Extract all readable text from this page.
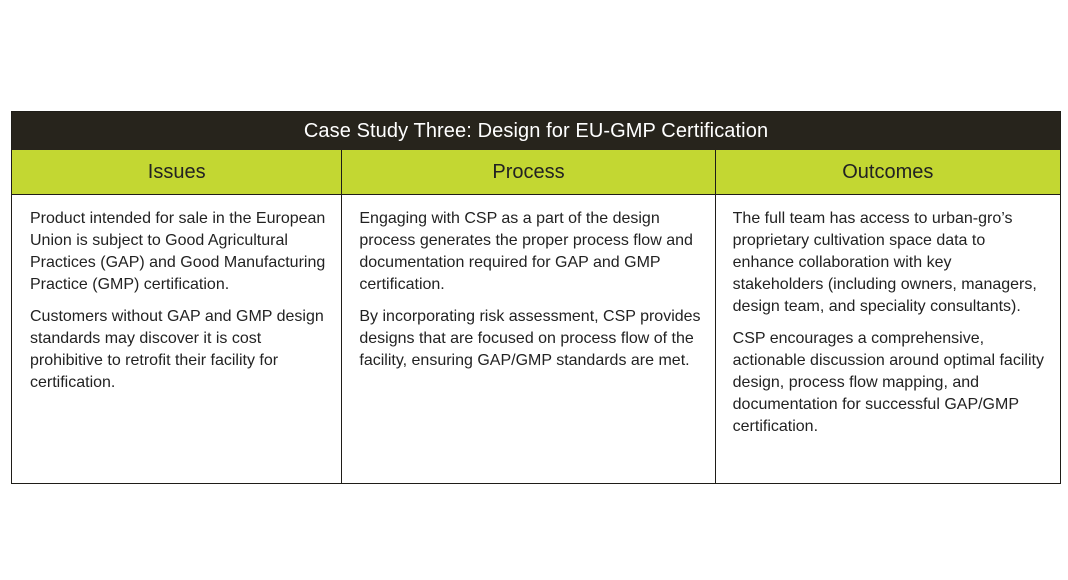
Case Study Three: Design for EU-GMP Certification
Issues	Process	Outcomes

Product intended for sale in the European Union is subject to Good Agricultural Practices (GAP) and Good Manufacturing Practice (GMP) certification.

Customers without GAP and GMP design standards may discover it is cost prohibitive to retrofit their facility for certification.

Engaging with CSP as a part of the design process generates the proper process flow and documentation required for GAP and GMP certification.

By incorporating risk assessment, CSP provides designs that are focused on process flow of the facility, ensuring GAP/GMP standards are met.

The full team has access to urban-gro’s proprietary cultivation space data to enhance collaboration with key stakeholders (including owners, managers, design team, and speciality consultants).

CSP encourages a comprehensive, actionable discussion around optimal facility design, process flow mapping, and documentation for successful GAP/GMP certification.
